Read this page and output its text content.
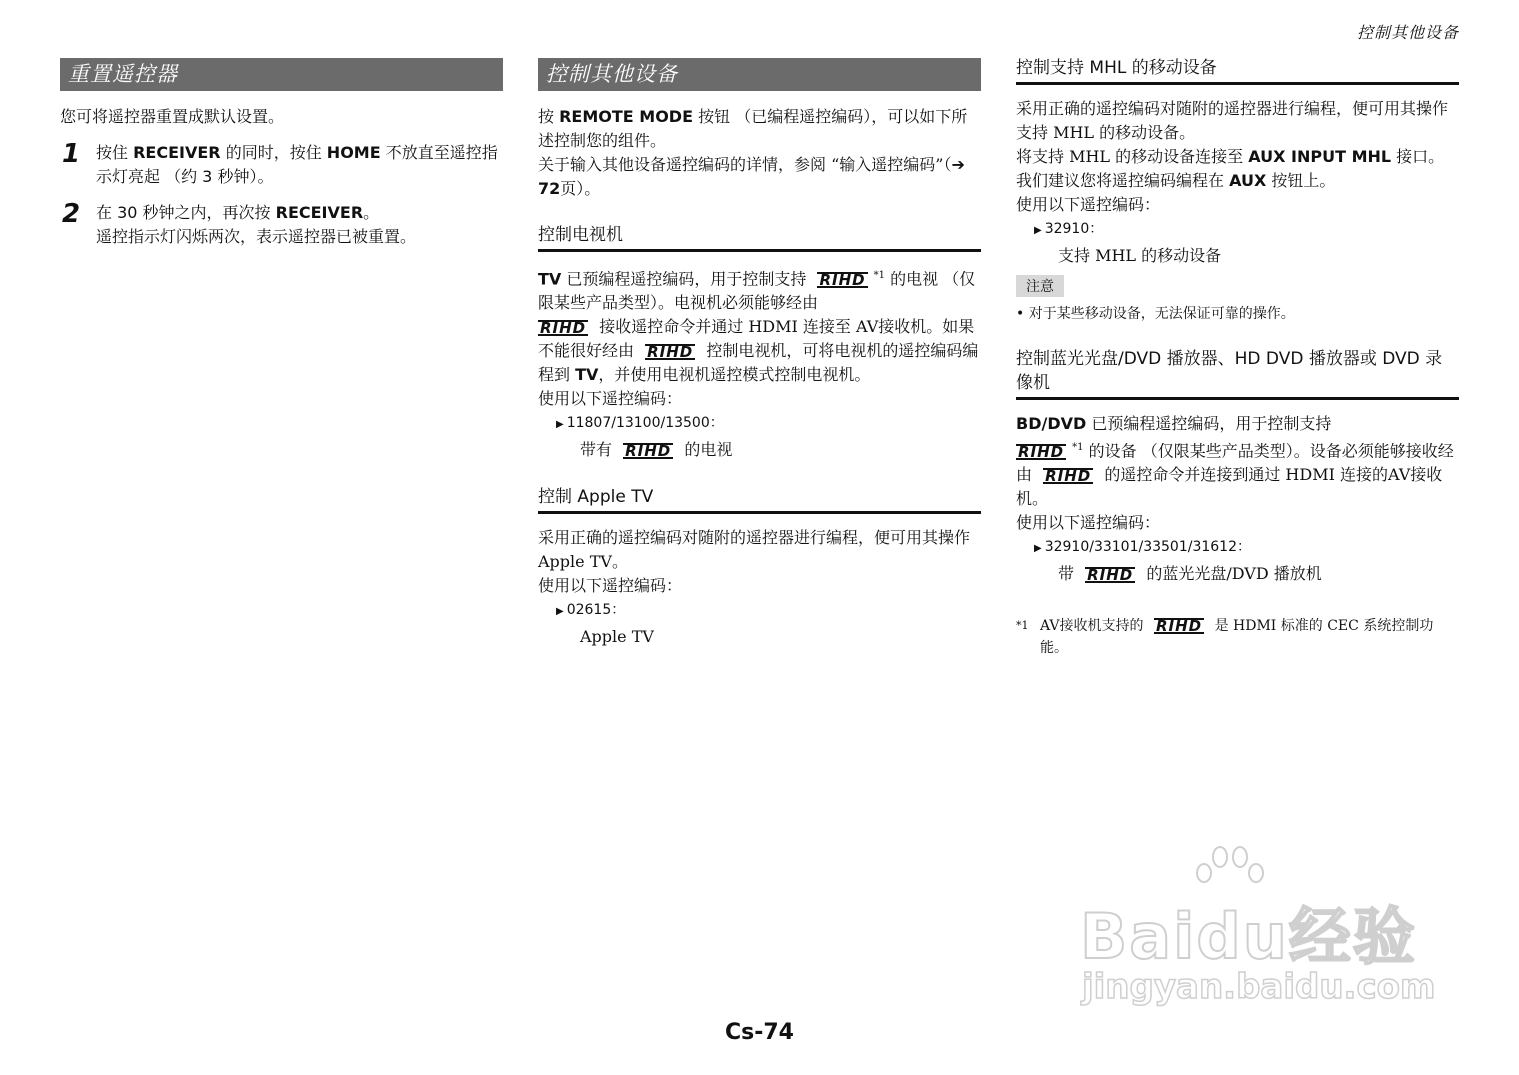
控制其他设备
重置遥控器

您可将遥控器重置成默认设置。

1 按住 RECEIVER 的同时，按住 HOME 不放直至遥控指示灯亮起 （约 3 秒钟）。

2 在 30 秒钟之内，再次按 RECEIVER。

遥控指示灯闪烁两次，表示遥控器已被重置。

控制其他设备

按 REMOTE MODE 按钮 （已编程遥控编码），可以如下所述控制您的组件。

关于输入其他设备遥控编码的详情，参阅 “输入遥控编码”（➔ 72页）。

控制电视机

TV 已预编程遥控编码，用于控制支持 RIHD $^{*1}$ 的电视 （仅限某些产品类型）。电视机必须能够经由
RIHD 接收遥控命令并通过 HDMI 连接至 AV接收机。如果不能很好经由 RIHD 控制电视机，可将电视机的遥控编码编程到 TV，并使用电视机遥控模式控制电视机。

使用以下遥控编码：

▶ 11807/13100/13500：
带有 RIHD 的电视
控制 Apple TV

采用正确的遥控编码对随附的遥控器进行编程，便可用其操作 Apple TV。

使用以下遥控编码：

▶ 02615：
Apple TV
控制支持 MHL 的移动设备

采用正确的遥控编码对随附的遥控器进行编程，便可用其操作支持 MHL 的移动设备。

将支持 MHL 的移动设备连接至 AUX INPUT MHL 接口。我们建议您将遥控编码编程在 AUX 按钮上。

使用以下遥控编码：

▶ 32910：
支持 MHL 的移动设备
注意

• 对于某些移动设备，无法保证可靠的操作。

控制蓝光光盘/DVD 播放器、HD DVD 播放器或 DVD 录像机

BD/DVD 已预编程遥控编码，用于控制支持
RIHD $^{*1}$ 的设备 （仅限某些产品类型）。设备必须能够接收经由 RIHD 的遥控命令并连接到通过 HDMI 连接的AV接收机。

使用以下遥控编码：

▶ 32910/33101/33501/31612：
带 RIHD 的蓝光光盘/DVD 播放机
*1 AV接收机支持的 RIHD 是 HDMI 标准的 CEC 系统控制功能。
Cs-74
Baidu经验
jingyan.baidu.com
